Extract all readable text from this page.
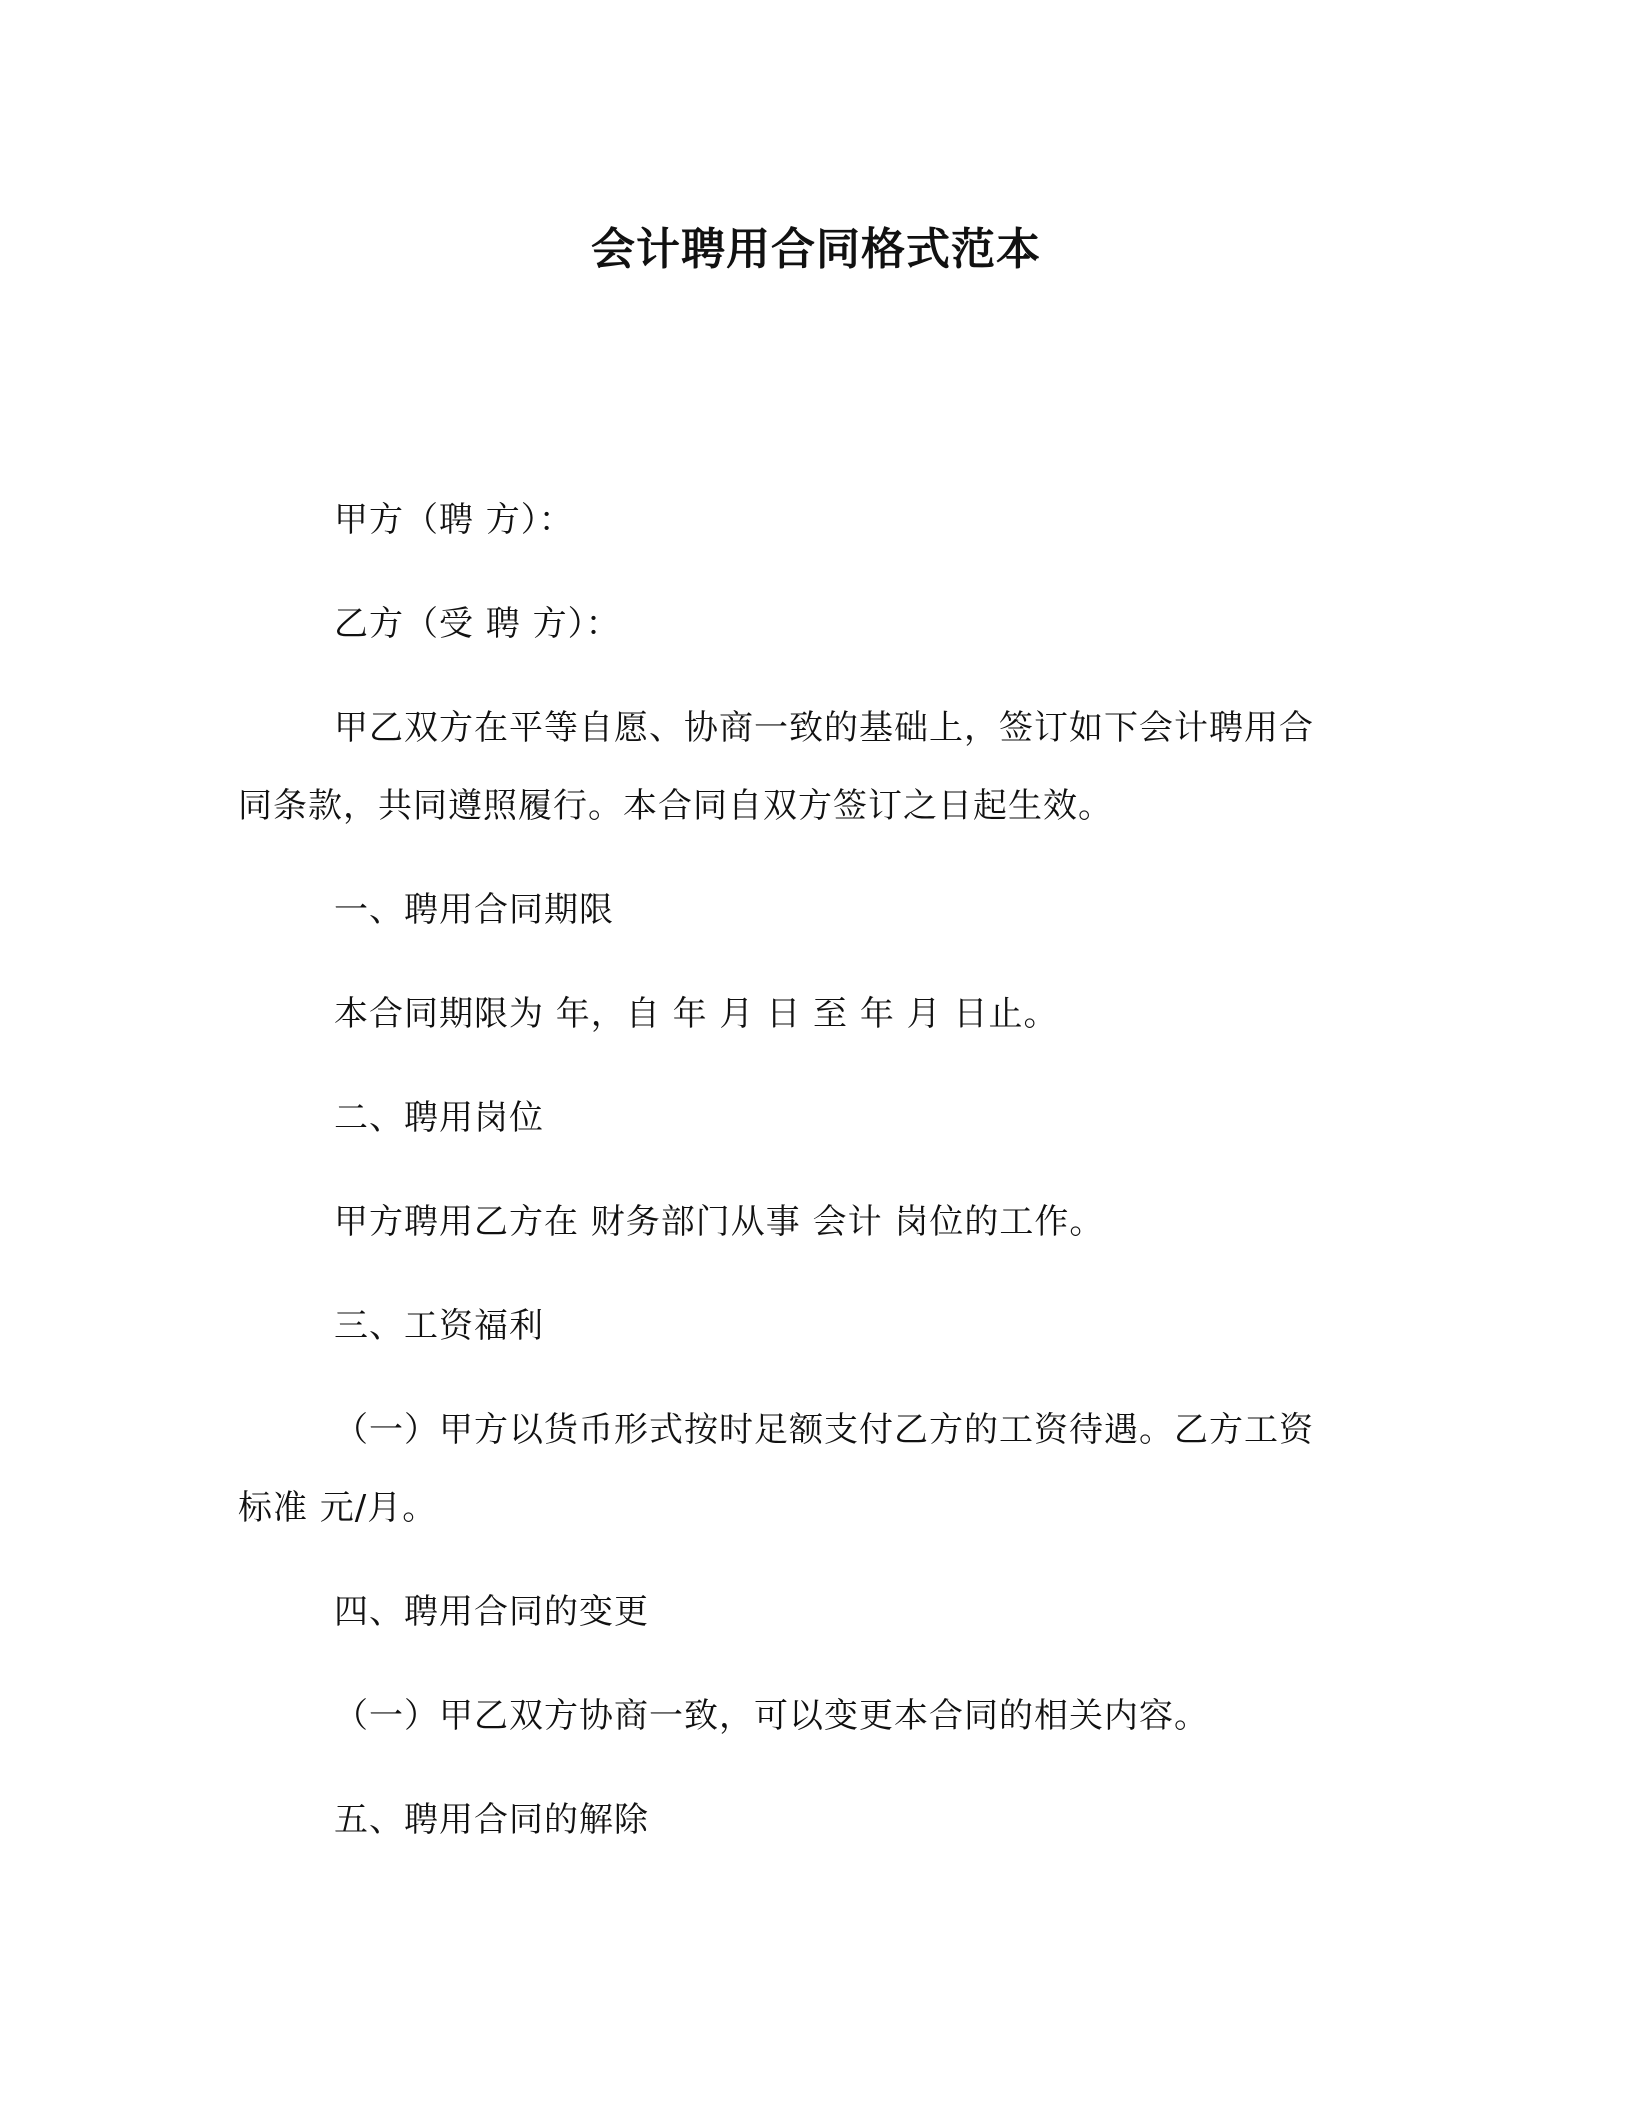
会计聘用合同格式范本
甲方（聘 方）：
乙方（受 聘 方）：
甲乙双方在平等自愿、协商一致的基础上，签订如下会计聘用合
同条款，共同遵照履行。本合同自双方签订之日起生效。
一、聘用合同期限
本合同期限为 年，自 年 月 日 至 年 月 日止。
二、聘用岗位
甲方聘用乙方在 财务部门从事 会计 岗位的工作。
三、工资福利
（一）甲方以货币形式按时足额支付乙方的工资待遇。乙方工资
标准 元/月。
四、聘用合同的变更
（一）甲乙双方协商一致，可以变更本合同的相关内容。
五、聘用合同的解除
